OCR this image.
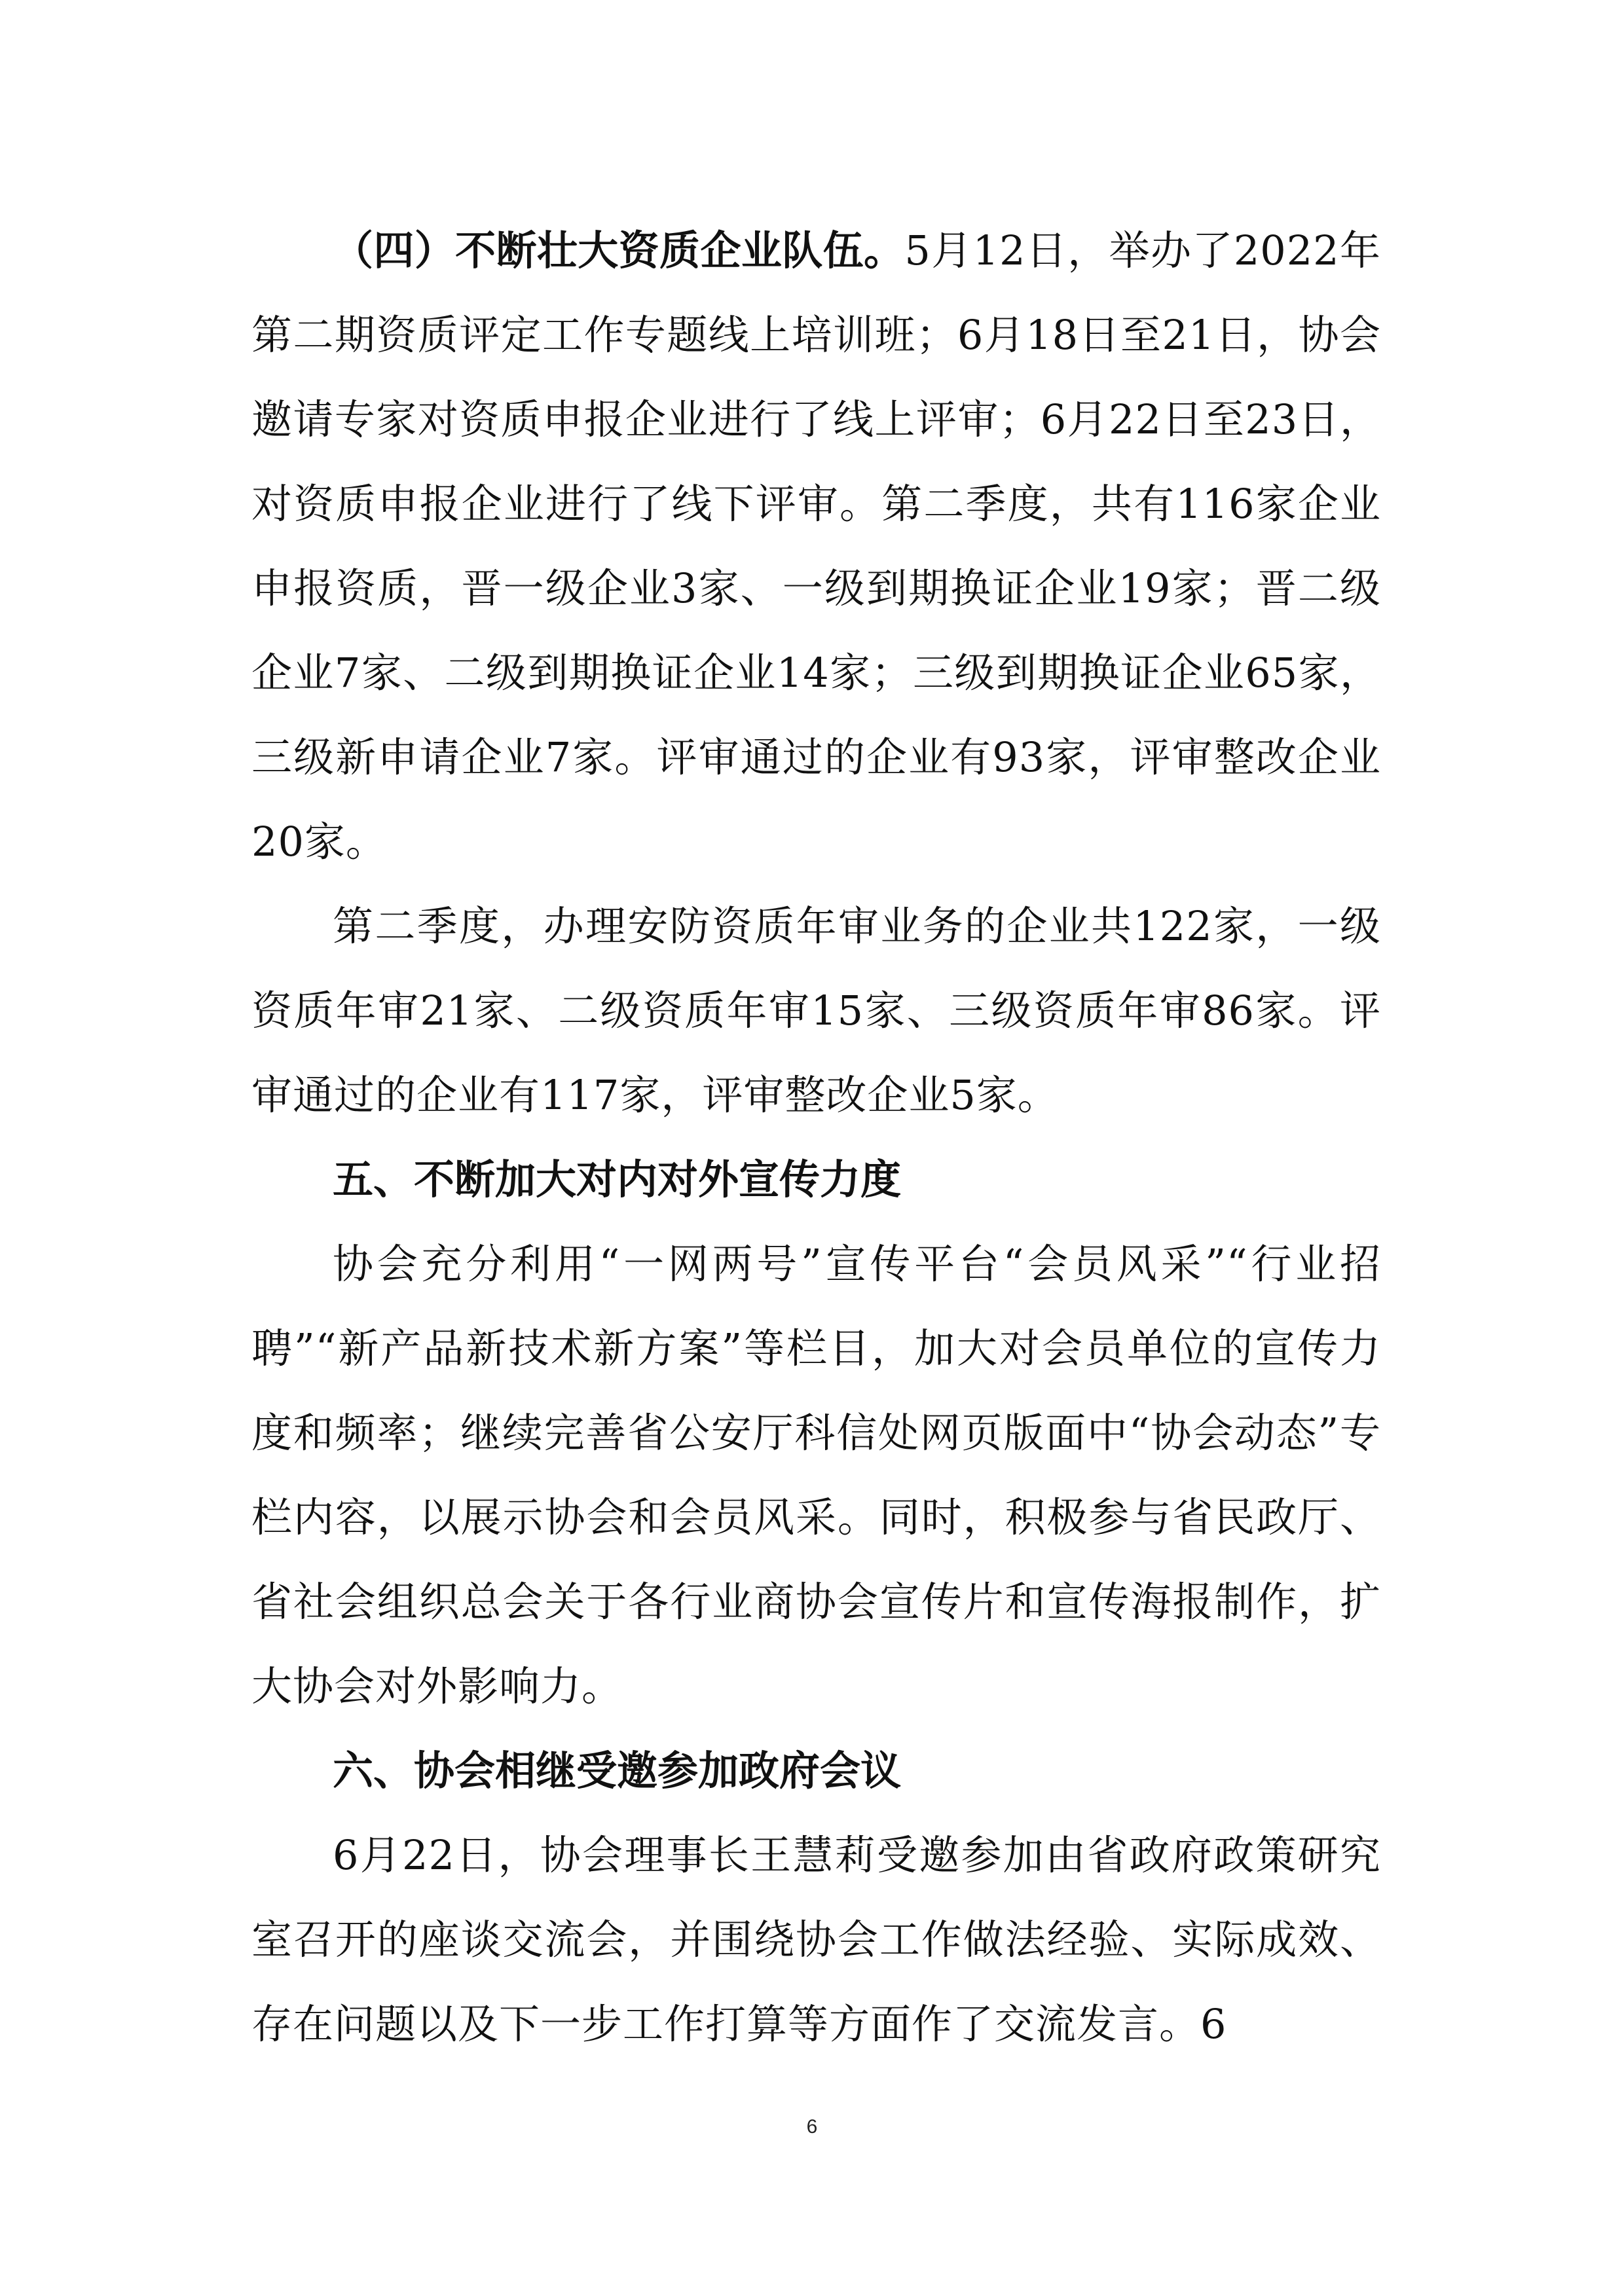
（四）不断壮大资质企业队伍。5月12日，举办了2022年第二期资质评定工作专题线上培训班；6月18日至21日，协会邀请专家对资质申报企业进行了线上评审；6月22日至23日，对资质申报企业进行了线下评审。第二季度，共有116家企业申报资质，晋一级企业3家、一级到期换证企业19家；晋二级企业7家、二级到期换证企业14家；三级到期换证企业65家，三级新申请企业7家。评审通过的企业有93家，评审整改企业20家。

第二季度，办理安防资质年审业务的企业共122家，一级资质年审21家、二级资质年审15家、三级资质年审86家。评审通过的企业有117家，评审整改企业5家。

五、不断加大对内对外宣传力度

协会充分利用“一网两号”宣传平台“会员风采”“行业招聘”“新产品新技术新方案”等栏目，加大对会员单位的宣传力度和频率；继续完善省公安厅科信处网页版面中“协会动态”专栏内容，以展示协会和会员风采。同时，积极参与省民政厅、省社会组织总会关于各行业商协会宣传片和宣传海报制作，扩大协会对外影响力。

六、协会相继受邀参加政府会议

6月22日，协会理事长王慧莉受邀参加由省政府政策研究室召开的座谈交流会，并围绕协会工作做法经验、实际成效、存在问题以及下一步工作打算等方面作了交流发言。6

6
